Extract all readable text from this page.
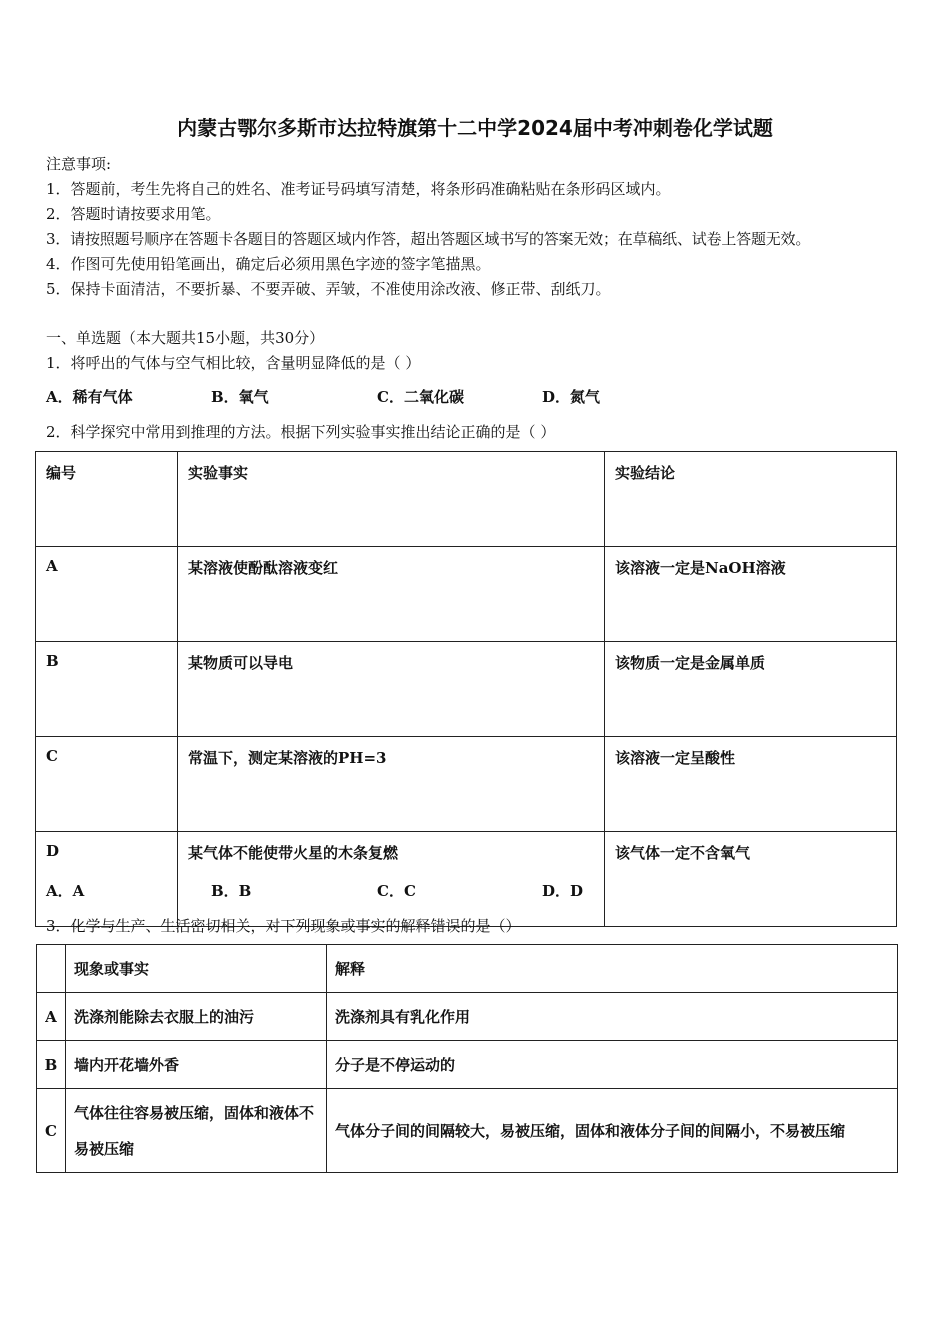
内蒙古鄂尔多斯市达拉特旗第十二中学2024届中考冲刺卷化学试题
注意事项:
1．答题前，考生先将自己的姓名、准考证号码填写清楚，将条形码准确粘贴在条形码区域内。
2．答题时请按要求用笔。
3．请按照题号顺序在答题卡各题目的答题区域内作答，超出答题区域书写的答案无效；在草稿纸、试卷上答题无效。
4．作图可先使用铅笔画出，确定后必须用黑色字迹的签字笔描黑。
5．保持卡面清洁，不要折暴、不要弄破、弄皱，不准使用涂改液、修正带、刮纸刀。
一、单选题（本大题共15小题，共30分）
1．将呼出的气体与空气相比较，含量明显降低的是（ ）
A．稀有气体	B．氧气	C．二氧化碳	D．氮气
2．科学探究中常用到推理的方法。根据下列实验事实推出结论正确的是（ ）
编号	实验事实	实验结论
A	某溶液使酚酞溶液变红	该溶液一定是NaOH溶液
B	某物质可以导电	该物质一定是金属单质
C	常温下，测定某溶液的PH=3	该溶液一定呈酸性
D	某气体不能使带火星的木条复燃	该气体一定不含氧气
A．A	B．B	C．C	D．D
3．化学与生产、生活密切相关，对下列现象或事实的解释错误的是（）
	现象或事实	解释
A	洗涤剂能除去衣服上的油污	洗涤剂具有乳化作用
B	墙内开花墙外香	分子是不停运动的
C	气体往往容易被压缩，固体和液体不易被压缩	气体分子间的间隔较大，易被压缩，固体和液体分子间的间隔小，不易被压缩
